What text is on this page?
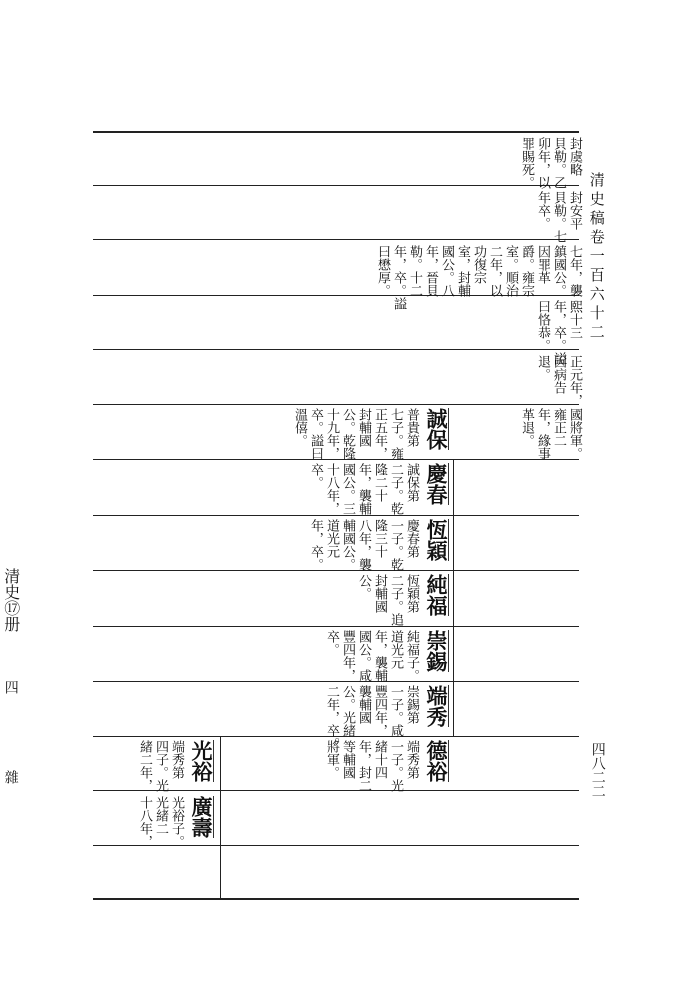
清史稿卷一百六十二
四八二二
清史⑰册
四
雜
封虞略
貝勒。乙
卯年，以
罪賜死。
封安平
貝勒。七
年卒。
七年，襲
鎮國公。
因罪革
爵。雍宗
室。順治
二年，以
功復宗
室，封輔
國公。八
年，晉貝
勒。十二
年，卒。謚
曰懋厚。
熙十三
年，卒。謚
曰恪恭。
正元年，
因病告
退。
國將軍。
雍正二
年，緣事
革退。
誠保
普貴第
七子。雍
正五年，
封輔國
公。乾隆
十九年，
卒。謚曰
溫僖。
慶春
誠保第
二子。乾
隆二十
年，襲輔
國公。三
十八年，
卒。
恆穎
慶春第
一子。乾
隆三十
八年，襲
輔國公。
道光元
年，卒。
純福
恆穎第
二子。追
封輔國
公。
崇錫
純福子。
道光元
年，襲輔
國公。咸
豐四年，
卒。
端秀
崇錫第
一子。咸
豐四年，
襲輔國
公。光緒
二年，卒。
德裕
端秀第
一子。光
緒十四
年，封二
等輔國
將軍。
光裕
端秀第
四子。光
緒二年，
廣壽
光裕子。
光緒二
十八年，
